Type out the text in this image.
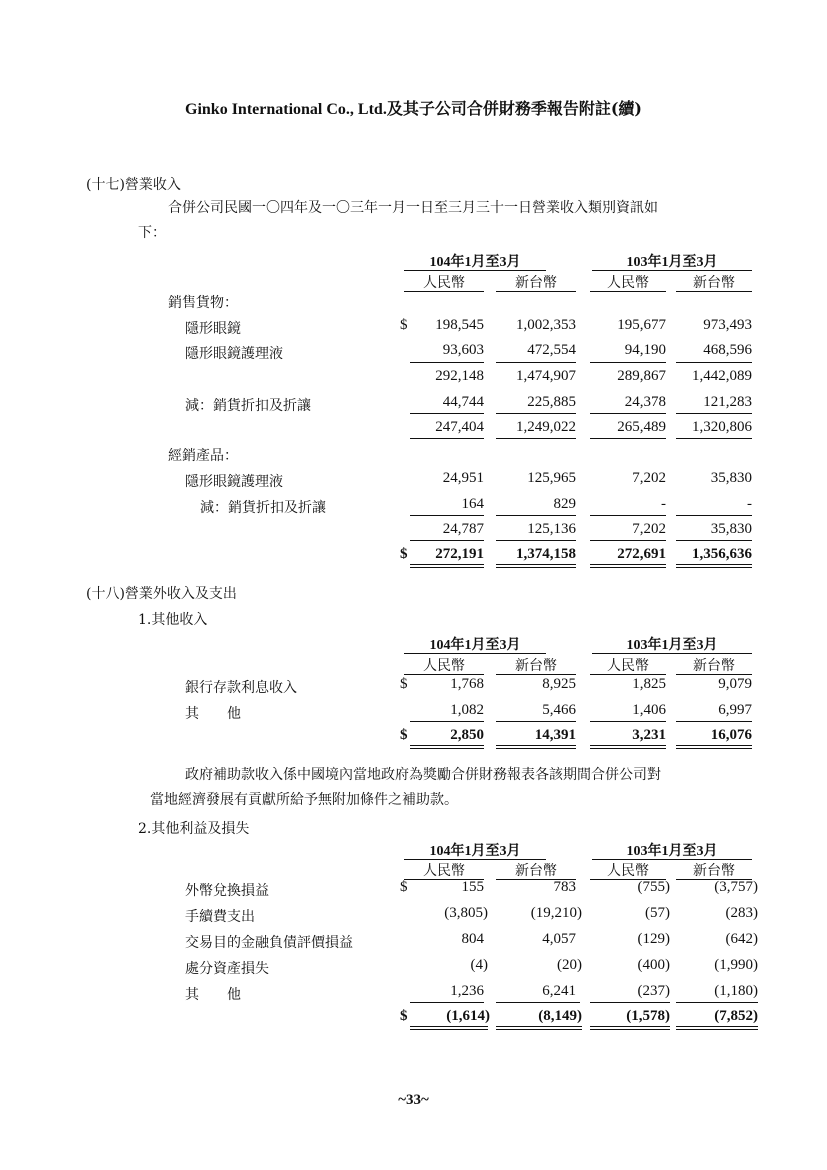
Ginko International Co., Ltd.及其子公司合併財務季報告附註(續)
(十七)營業收入
合併公司民國一〇四年及一〇三年一月一日至三月三十一日營業收入類別資訊如
下：
104年1月至3月	103年1月至3月
人民幣	新台幣	人民幣	新台幣
銷售貨物：
隱形眼鏡	$	198,545	1,002,353	195,677	973,493
隱形眼鏡護理液	93,603	472,554	94,190	468,596
292,148	1,474,907	289,867	1,442,089
減：銷貨折扣及折讓	44,744	225,885	24,378	121,283
247,404	1,249,022	265,489	1,320,806
經銷產品：
隱形眼鏡護理液	24,951	125,965	7,202	35,830
減：銷貨折扣及折讓	164	829	-	-
24,787	125,136	7,202	35,830
$	272,191	1,374,158	272,691	1,356,636
(十八)營業外收入及支出
1.其他收入
104年1月至3月	103年1月至3月
人民幣	新台幣	人民幣	新台幣
銀行存款利息收入	$	1,768	8,925	1,825	9,079
其　　他	1,082	5,466	1,406	6,997
$	2,850	14,391	3,231	16,076
政府補助款收入係中國境內當地政府為獎勵合併財務報表各該期間合併公司對
當地經濟發展有貢獻所給予無附加條件之補助款。
2.其他利益及損失
104年1月至3月	103年1月至3月
人民幣	新台幣	人民幣	新台幣
外幣兌換損益	$	155	783	(755)	(3,757)
手續費支出	(3,805)	(19,210)	(57)	(283)
交易目的金融負債評價損益	804	4,057	(129)	(642)
處分資產損失	(4)	(20)	(400)	(1,990)
其　　他	1,236	6,241	(237)	(1,180)
$	(1,614)	(8,149)	(1,578)	(7,852)
~33~
